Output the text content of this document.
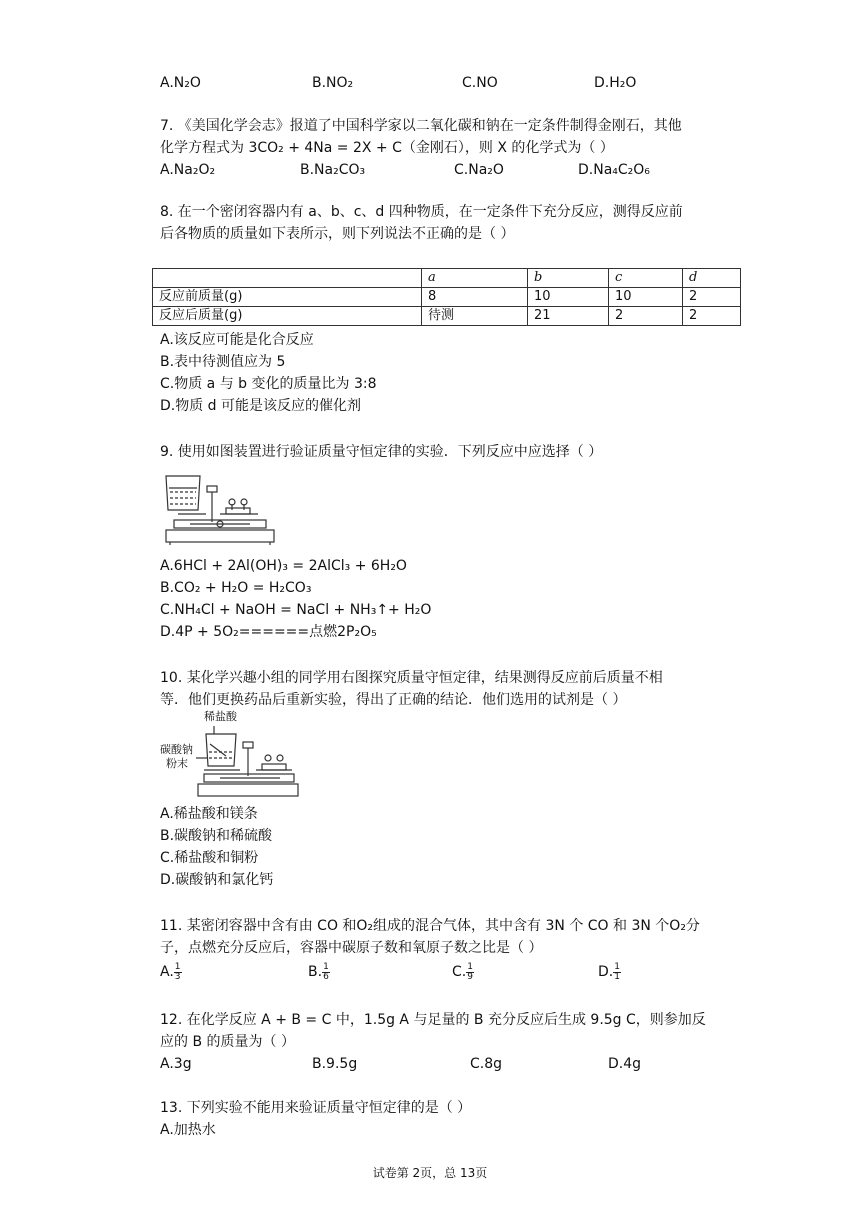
A.N₂O	B.NO₂	C.NO	D.H₂O
7. 《美国化学会志》报道了中国科学家以二氧化碳和钠在一定条件制得金刚石，其他
化学方程式为 3CO₂ + 4Na = 2X + C（金刚石），则 X 的化学式为（ ）
A.Na₂O₂	B.Na₂CO₃	C.Na₂O	D.Na₄C₂O₆
8. 在一个密闭容器内有 a、b、c、d 四种物质，在一定条件下充分反应，测得反应前
后各物质的质量如下表所示，则下列说法不正确的是（ ）
	a	b	c	d
反应前质量(g)	8	10	10	2
反应后质量(g)	待测	21	2	2
A.该反应可能是化合反应
B.表中待测值应为 5
C.物质 a 与 b 变化的质量比为 3:8
D.物质 d 可能是该反应的催化剂
9. 使用如图装置进行验证质量守恒定律的实验．下列反应中应选择（ ）
A.6HCl + 2Al(OH)₃ = 2AlCl₃ + 6H₂O
B.CO₂ + H₂O = H₂CO₃
C.NH₄Cl + NaOH = NaCl + NH₃↑+ H₂O
D.4P + 5O₂======点燃2P₂O₅
10. 某化学兴趣小组的同学用右图探究质量守恒定律，结果测得反应前后质量不相
等．他们更换药品后重新实验，得出了正确的结论．他们选用的试剂是（ ）
稀盐酸
碳酸钠
粉末
A.稀盐酸和镁条
B.碳酸钠和稀硫酸
C.稀盐酸和铜粉
D.碳酸钠和氯化钙
11. 某密闭容器中含有由 CO 和O₂组成的混合气体，其中含有 3N 个 CO 和 3N 个O₂分
子，点燃充分反应后，容器中碳原子数和氧原子数之比是（ ）
A. $\frac{1}{3}$	B. $\frac{1}{6}$	C. $\frac{1}{9}$	D. $\frac{1}{1}$
12. 在化学反应 A + B = C 中，1.5g A 与足量的 B 充分反应后生成 9.5g C，则参加反
应的 B 的质量为（ ）
A.3g	B.9.5g	C.8g	D.4g
13. 下列实验不能用来验证质量守恒定律的是（ ）
A.加热水
试卷第 2页，总 13页
